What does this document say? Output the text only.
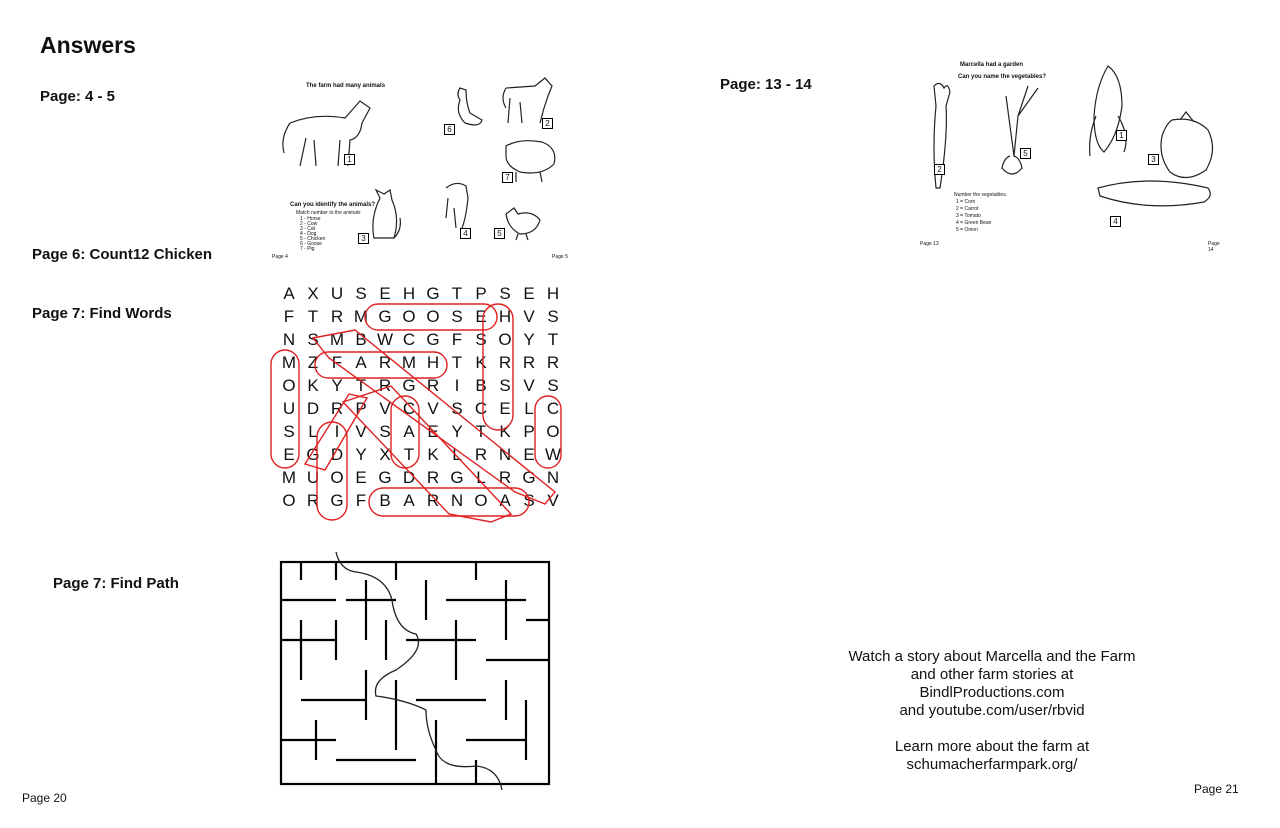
Answers
Page: 4 - 5
Page: 13 - 14
Page 6: Count12 Chicken
Page 7: Find Words
Page 7: Find Path
The farm had many animals
Can you identify the animals?
Match number to the animals
1 - Horse
2 - Cow
3 - Cat
4 - Dog
5 - Chicken
6 - Goose
7 - Pig
1
2
3
4	5
6
7
Page 4	Page 5
Marcella had a garden
Can you name the vegetables?
Number the vegetables.
1 = Corn
2 = Carrot
3 = Tomato
4 = Green Bean
5 = Onion
1
2
3
4
5
Page 13	Page 14
A X U S E H G T P S E H
F T R M G O O S E H V S
N S M B W C G F S O Y T
M Z F A R M H T K R R R
O K Y T R G R I B S V S
U D R P V C V S C E L C
S L I V S A E Y T K P O
E G D Y X T K L R N E W
M U O E G D R G L R G N
O R G F B A R N O A S V
Watch a story about Marcella and the Farm
and other farm stories at
BindlProductions.com
and youtube.com/user/rbvid
Learn more about the farm at
schumacherfarmpark.org/
Page 20
Page 21
